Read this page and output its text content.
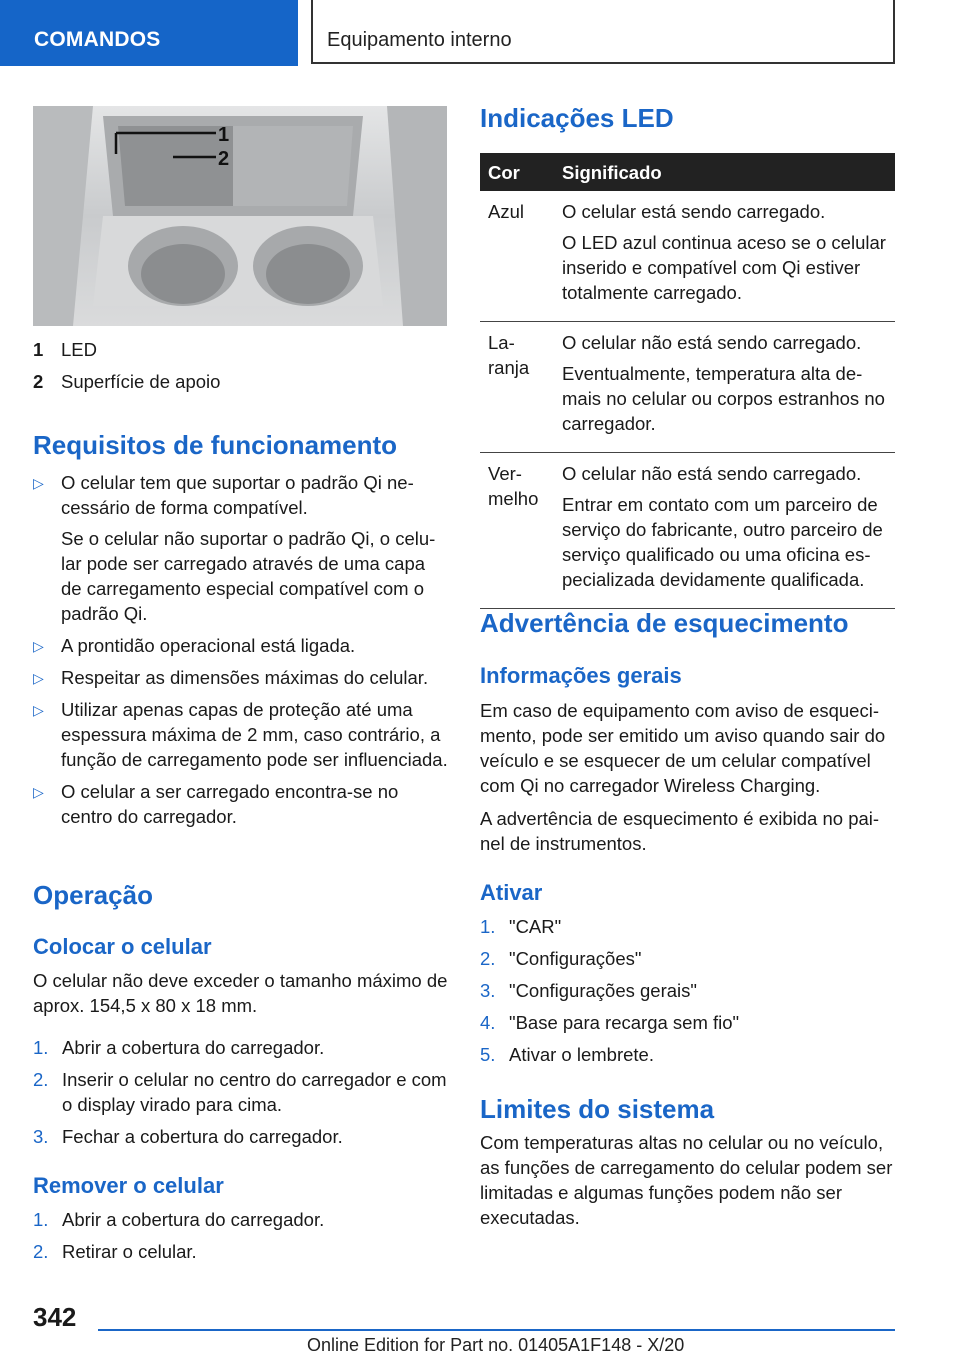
COMANDOS	Equipamento interno
1
2
1 LED
2 Superfície de apoio
Requisitos de funcionamento
▷ O celular tem que suportar o padrão Qi necessário de forma compatível.

Se o celular não suportar o padrão Qi, o celular pode ser carregado através de uma capa de carregamento especial compatível com o padrão Qi.

▷ A prontidão operacional está ligada.
▷ Respeitar as dimensões máximas do celular.
▷ Utilizar apenas capas de proteção até uma espessura máxima de 2 mm, caso contrário, a função de carregamento pode ser influenciada.
▷ O celular a ser carregado encontra-se no centro do carregador.
Operação
Colocar o celular
O celular não deve exceder o tamanho máximo de aprox. 154,5 x 80 x 18 mm.
1. Abrir a cobertura do carregador.
2. Inserir o celular no centro do carregador e com o display virado para cima.
3. Fechar a cobertura do carregador.
Remover o celular
1. Abrir a cobertura do carregador.
2. Retirar o celular.
Indicações LED
Cor	Significado
Azul	O celular está sendo carregado.

O LED azul continua aceso se o celular inserido e compatível com Qi estiver totalmente carregado.

Laranja	O celular não está sendo carregado.

Eventualmente, temperatura alta demais no celular ou corpos estranhos no carregador.

Vermelho	O celular não está sendo carregado.

Entrar em contato com um parceiro de serviço do fabricante, outro parceiro de serviço qualificado ou uma oficina especializada devidamente qualificada.

Advertência de esquecimento
Informações gerais
Em caso de equipamento com aviso de esquecimento, pode ser emitido um aviso quando sair do veículo e se esquecer de um celular compatível com Qi no carregador Wireless Charging.
A advertência de esquecimento é exibida no painel de instrumentos.
Ativar
1. "CAR"
2. "Configurações"
3. "Configurações gerais"
4. "Base para recarga sem fio"
5. Ativar o lembrete.
Limites do sistema
Com temperaturas altas no celular ou no veículo, as funções de carregamento do celular podem ser limitadas e algumas funções podem não ser executadas.
342
Online Edition for Part no. 01405A1F148 - X/20
